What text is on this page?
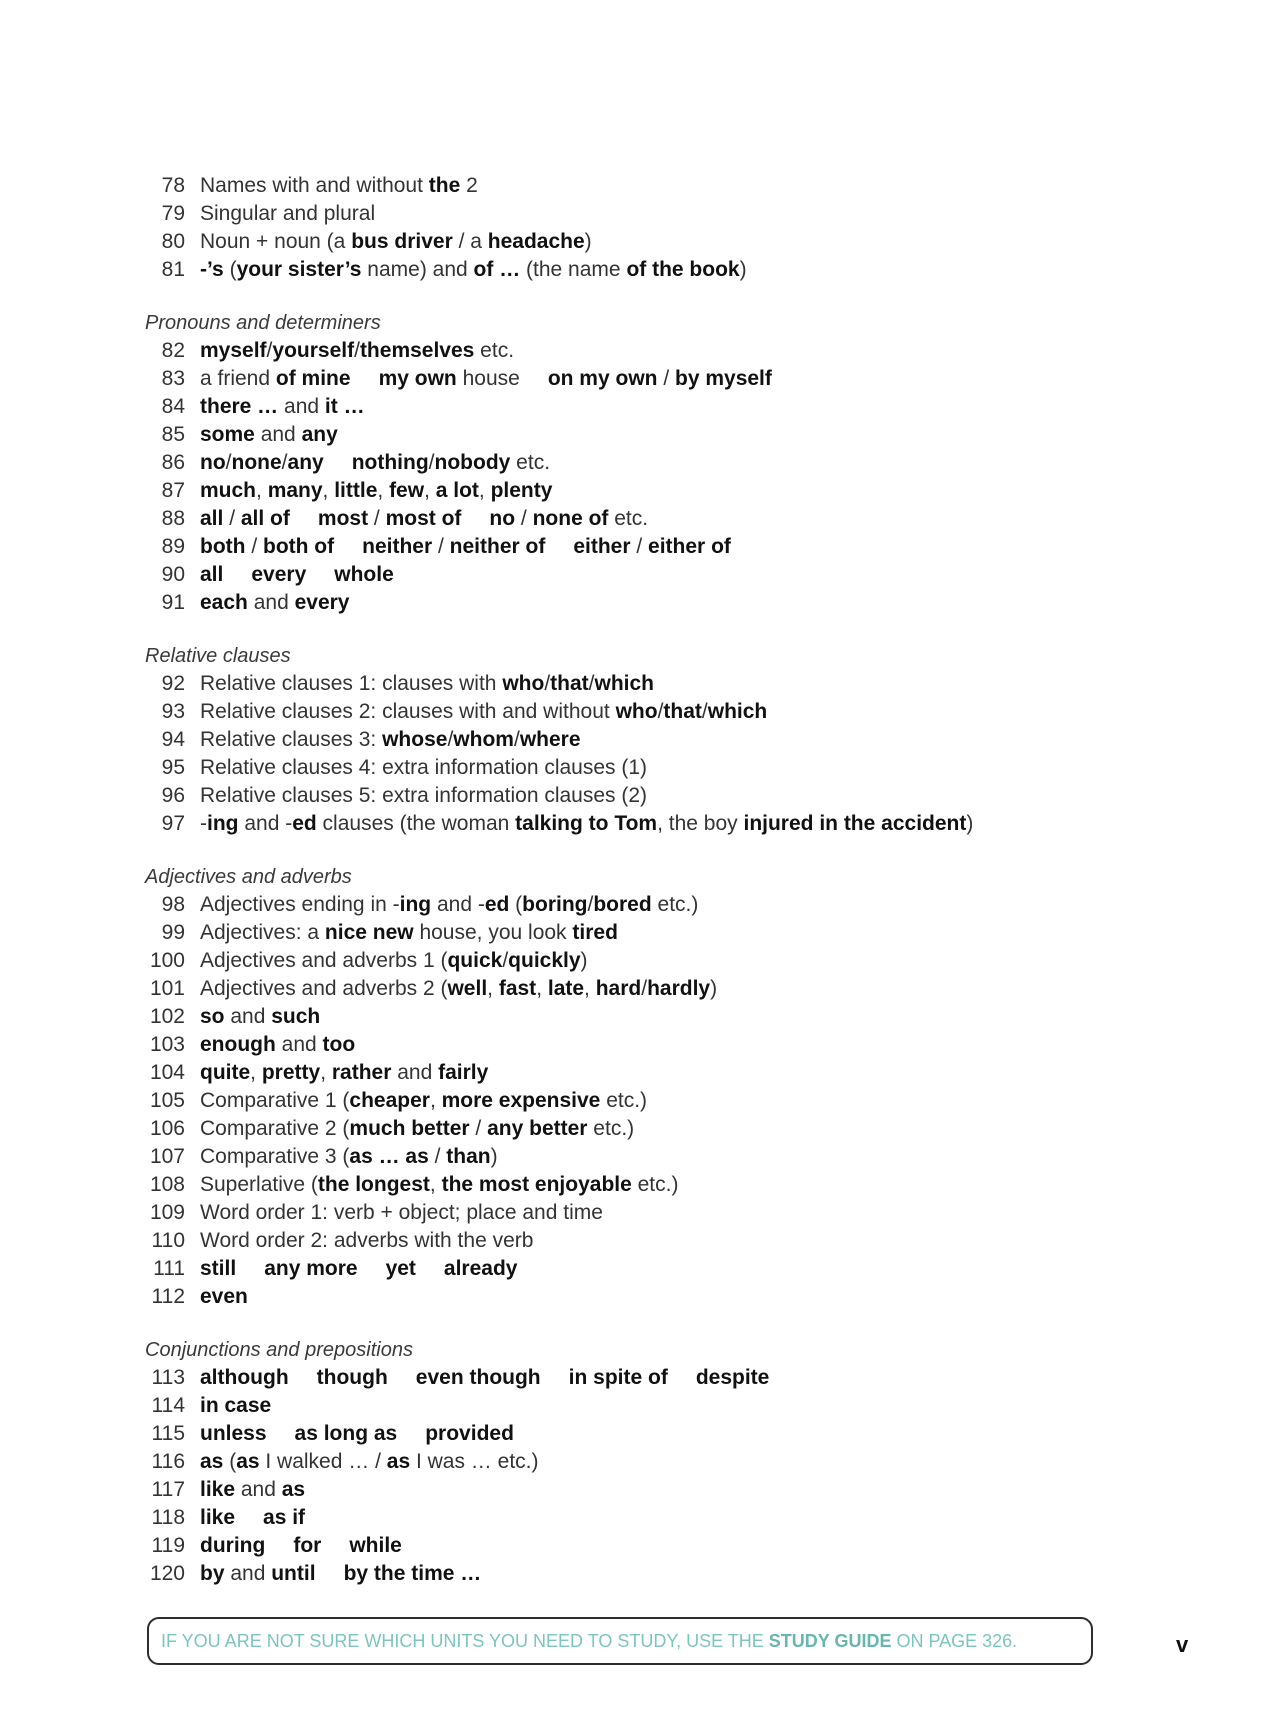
78 Names with and without the 2
79 Singular and plural
80 Noun + noun (a bus driver / a headache)
81 -’s (your sister’s name) and of … (the name of the book)
Pronouns and determiners
82 myself/yourself/themselves etc.
83 a friend of mine my own house on my own / by myself
84 there … and it …
85 some and any
86 no/none/any nothing/nobody etc.
87 much, many, little, few, a lot, plenty
88 all / all of most / most of no / none of etc.
89 both / both of neither / neither of either / either of
90 all every whole
91 each and every
Relative clauses
92 Relative clauses 1: clauses with who/that/which
93 Relative clauses 2: clauses with and without who/that/which
94 Relative clauses 3: whose/whom/where
95 Relative clauses 4: extra information clauses (1)
96 Relative clauses 5: extra information clauses (2)
97 -ing and -ed clauses (the woman talking to Tom, the boy injured in the accident)
Adjectives and adverbs
98 Adjectives ending in -ing and -ed (boring/bored etc.)
99 Adjectives: a nice new house, you look tired
100 Adjectives and adverbs 1 (quick/quickly)
101 Adjectives and adverbs 2 (well, fast, late, hard/hardly)
102 so and such
103 enough and too
104 quite, pretty, rather and fairly
105 Comparative 1 (cheaper, more expensive etc.)
106 Comparative 2 (much better / any better etc.)
107 Comparative 3 (as … as / than)
108 Superlative (the longest, the most enjoyable etc.)
109 Word order 1: verb + object; place and time
110 Word order 2: adverbs with the verb
111 still any more yet already
112 even
Conjunctions and prepositions
113 although though even though in spite of despite
114 in case
115 unless as long as provided
116 as (as I walked … / as I was … etc.)
117 like and as
118 like as if
119 during for while
120 by and until by the time …
IF YOU ARE NOT SURE WHICH UNITS YOU NEED TO STUDY, USE THE STUDY GUIDE ON PAGE 326.	v
